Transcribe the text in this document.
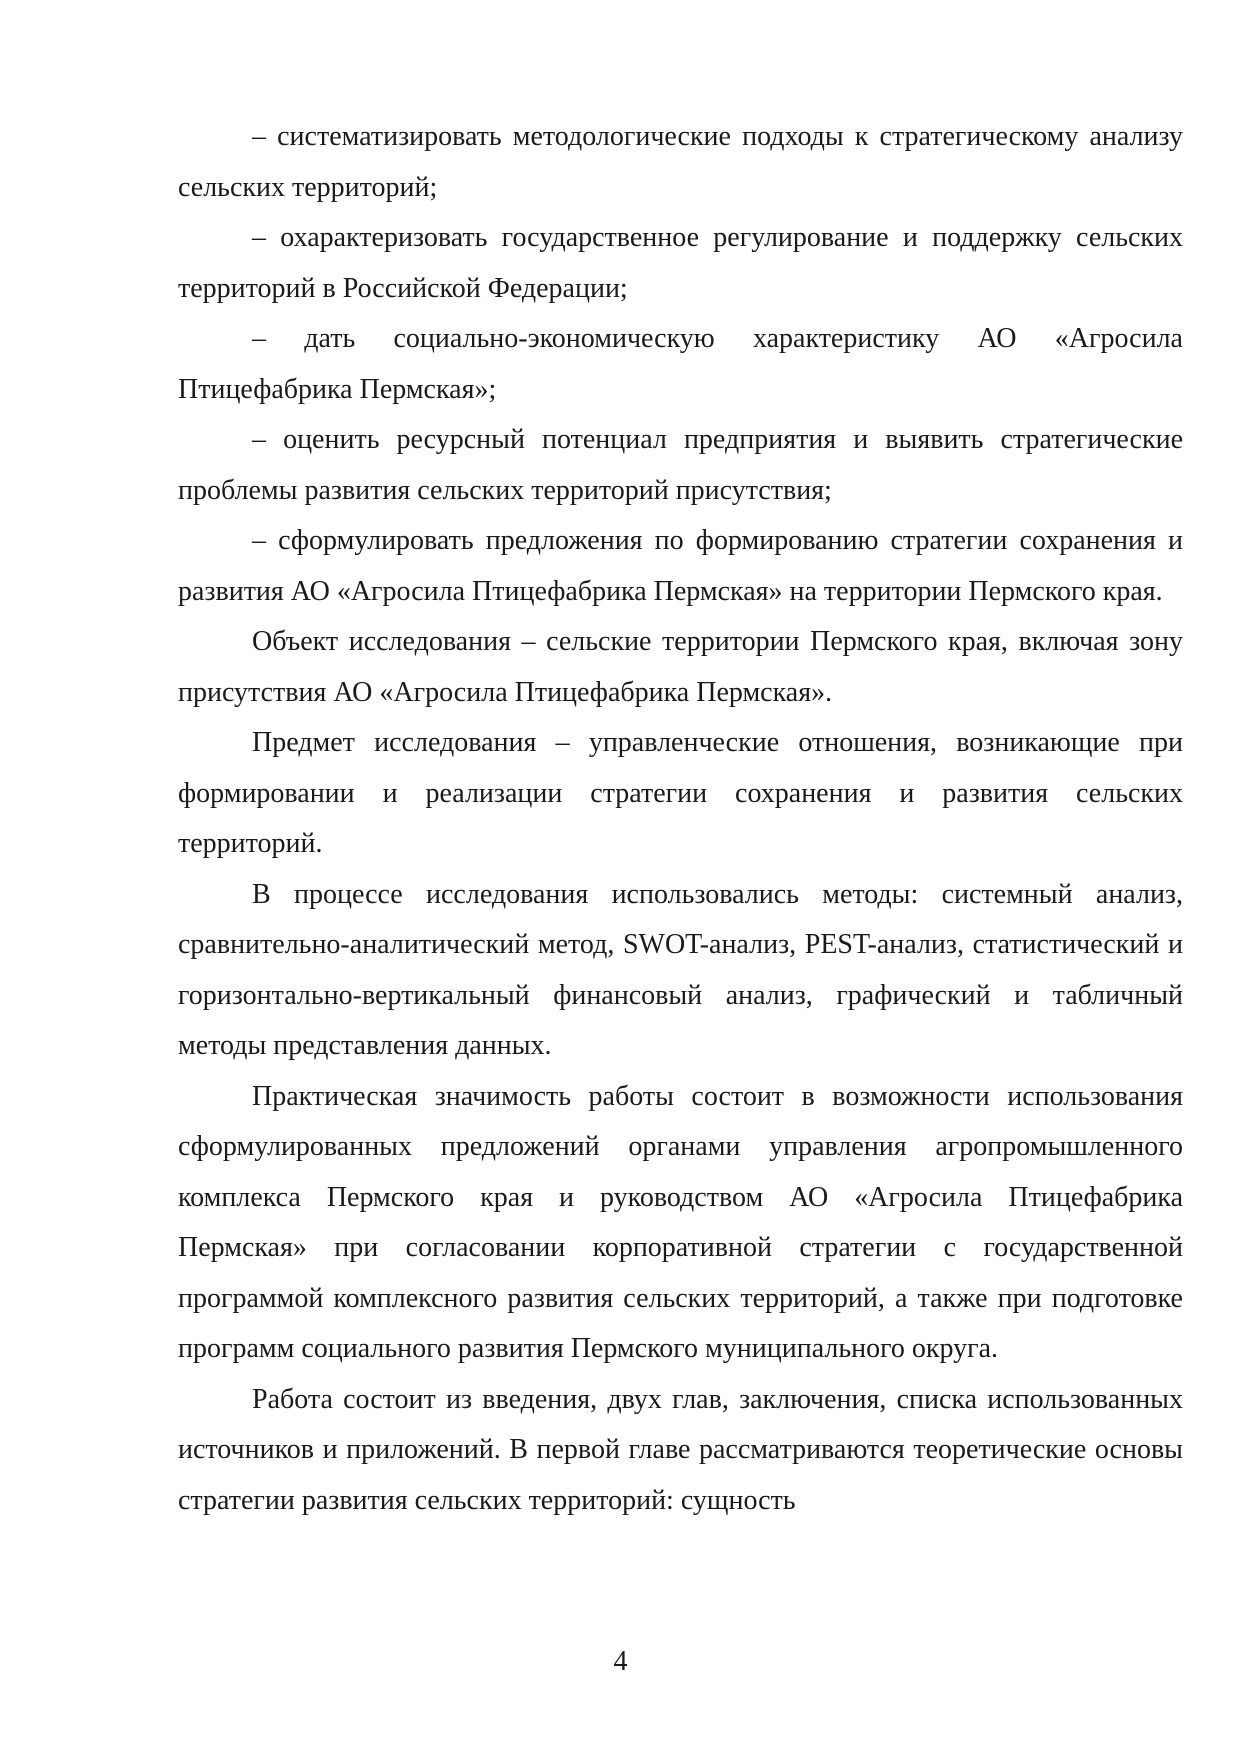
– систематизировать методологические подходы к стратегическому анализу сельских территорий;

– охарактеризовать государственное регулирование и поддержку сельских территорий в Российской Федерации;

– дать социально-экономическую характеристику АО «Агросила Птицефабрика Пермская»;

– оценить ресурсный потенциал предприятия и выявить стратегические проблемы развития сельских территорий присутствия;

– сформулировать предложения по формированию стратегии сохранения и развития АО «Агросила Птицефабрика Пермская» на территории Пермского края.

Объект исследования – сельские территории Пермского края, включая зону присутствия АО «Агросила Птицефабрика Пермская».

Предмет исследования – управленческие отношения, возникающие при формировании и реализации стратегии сохранения и развития сельских территорий.

В процессе исследования использовались методы: системный анализ, сравнительно-аналитический метод, SWOT-анализ, PEST-анализ, статистический и горизонтально-вертикальный финансовый анализ, графический и табличный методы представления данных.

Практическая значимость работы состоит в возможности использования сформулированных предложений органами управления агропромышленного комплекса Пермского края и руководством АО «Агросила Птицефабрика Пермская» при согласовании корпоративной стратегии с государственной программой комплексного развития сельских территорий, а также при подготовке программ социального развития Пермского муниципального округа.

Работа состоит из введения, двух глав, заключения, списка использованных источников и приложений. В первой главе рассматриваются теоретические основы стратегии развития сельских территорий: сущность

4
